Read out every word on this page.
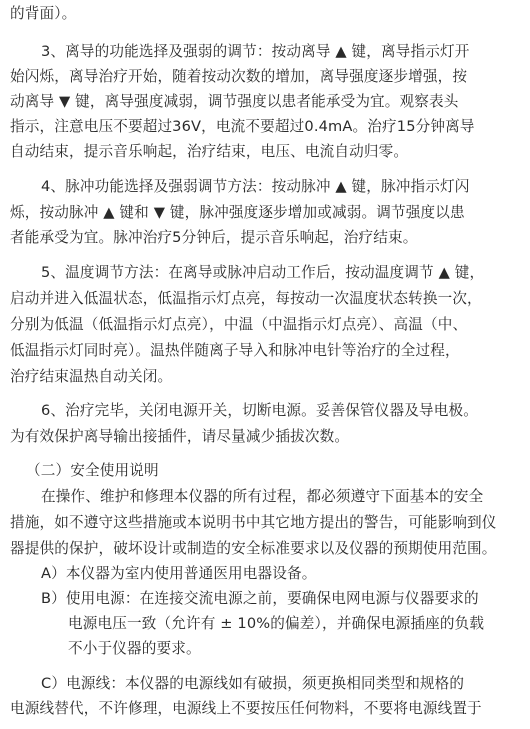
的背面）。
3、离导的功能选择及强弱的调节：按动离导 ▲ 键，离导指示灯开
始闪烁，离导治疗开始，随着按动次数的增加，离导强度逐步增强，按
动离导 ▼ 键，离导强度减弱，调节强度以患者能承受为宜。观察表头
指示，注意电压不要超过36V，电流不要超过0.4mA。治疗15分钟离导
自动结束，提示音乐响起，治疗结束，电压、电流自动归零。
4、脉冲功能选择及强弱调节方法：按动脉冲 ▲ 键，脉冲指示灯闪
烁，按动脉冲 ▲ 键和 ▼ 键，脉冲强度逐步增加或减弱。调节强度以患
者能承受为宜。脉冲治疗5分钟后，提示音乐响起，治疗结束。
5、温度调节方法：在离导或脉冲启动工作后，按动温度调节 ▲ 键，
启动并进入低温状态，低温指示灯点亮，每按动一次温度状态转换一次，
分别为低温（低温指示灯点亮），中温（中温指示灯点亮）、高温（中、
低温指示灯同时亮）。温热伴随离子导入和脉冲电针等治疗的全过程，
治疗结束温热自动关闭。
6、治疗完毕，关闭电源开关，切断电源。妥善保管仪器及导电极。
为有效保护离导输出接插件，请尽量减少插拔次数。
（二）安全使用说明
在操作、维护和修理本仪器的所有过程，都必须遵守下面基本的安全
措施，如不遵守这些措施或本说明书中其它地方提出的警告，可能影响到仪
器提供的保护，破坏设计或制造的安全标准要求以及仪器的预期使用范围。
A）本仪器为室内使用普通医用电器设备。
B）使用电源：在连接交流电源之前，要确保电网电源与仪器要求的
电源电压一致（允许有 ± 10%的偏差），并确保电源插座的负载
不小于仪器的要求。
C）电源线：本仪器的电源线如有破损，须更换相同类型和规格的
电源线替代，不许修理，电源线上不要按压任何物料，不要将电源线置于
